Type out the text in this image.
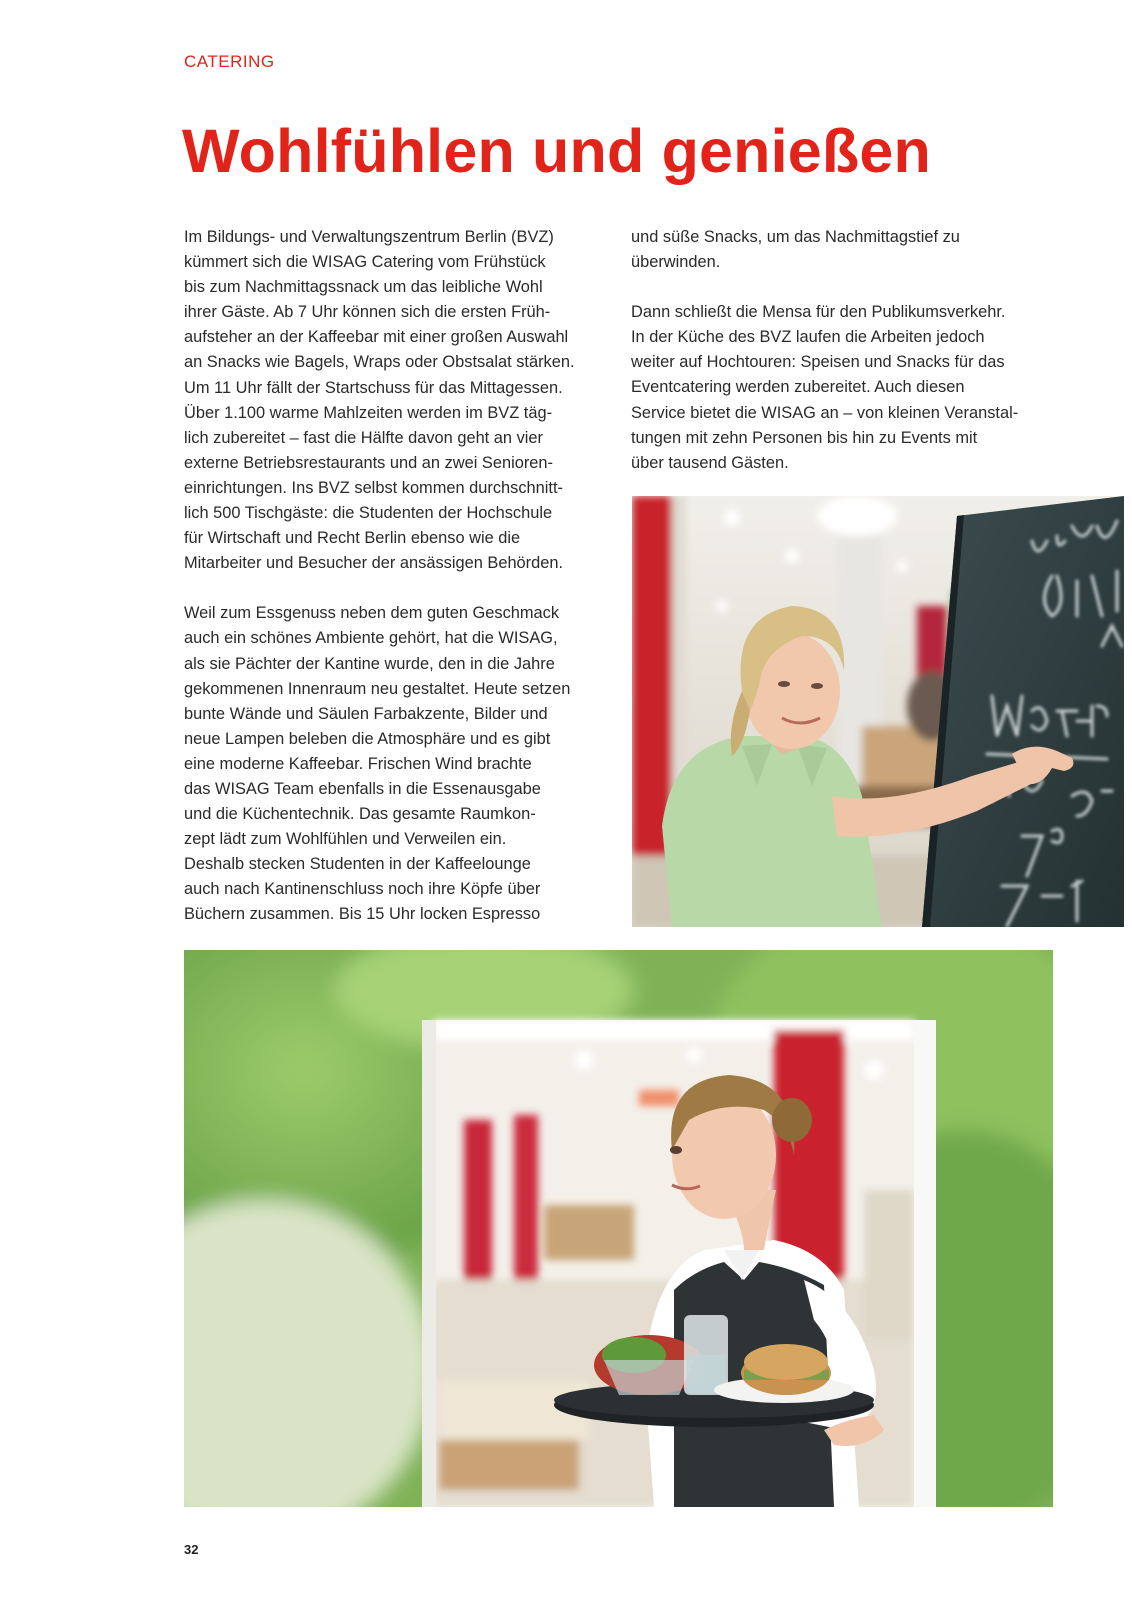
CATERING
Wohlfühlen und genießen

Im Bildungs- und Verwaltungszentrum Berlin (BVZ)
kümmert sich die WISAG Catering vom Frühstück
bis zum Nachmittagssnack um das leibliche Wohl
ihrer Gäste. Ab 7 Uhr können sich die ersten Früh-
aufsteher an der Kaffeebar mit einer großen Auswahl
an Snacks wie Bagels, Wraps oder Obstsalat stärken.
Um 11 Uhr fällt der Startschuss für das Mittagessen.
Über 1.100 warme Mahlzeiten werden im BVZ täg-
lich zubereitet – fast die Hälfte davon geht an vier
externe Betriebsrestaurants und an zwei Senioren-
einrichtungen. Ins BVZ selbst kommen durchschnitt-
lich 500 Tischgäste: die Studenten der Hochschule
für Wirtschaft und Recht Berlin ebenso wie die
Mitarbeiter und Besucher der ansässigen Behörden.

Weil zum Essgenuss neben dem guten Geschmack
auch ein schönes Ambiente gehört, hat die WISAG,
als sie Pächter der Kantine wurde, den in die Jahre
gekommenen Innenraum neu gestaltet. Heute setzen
bunte Wände und Säulen Farbakzente, Bilder und
neue Lampen beleben die Atmosphäre und es gibt
eine moderne Kaffeebar. Frischen Wind brachte
das WISAG Team ebenfalls in die Essenausgabe
und die Küchentechnik. Das gesamte Raumkon-
zept lädt zum Wohlfühlen und Verweilen ein.
Deshalb stecken Studenten in der Kaffeelounge
auch nach Kantinenschluss noch ihre Köpfe über
Büchern zusammen. Bis 15 Uhr locken Espresso

und süße Snacks, um das Nachmittagstief zu
überwinden.

Dann schließt die Mensa für den Publikumsverkehr.
In der Küche des BVZ laufen die Arbeiten jedoch
weiter auf Hochtouren: Speisen und Snacks für das
Eventcatering werden zubereitet. Auch diesen
Service bietet die WISAG an – von kleinen Veranstal-
tungen mit zehn Personen bis hin zu Events mit
über tausend Gästen.

32
